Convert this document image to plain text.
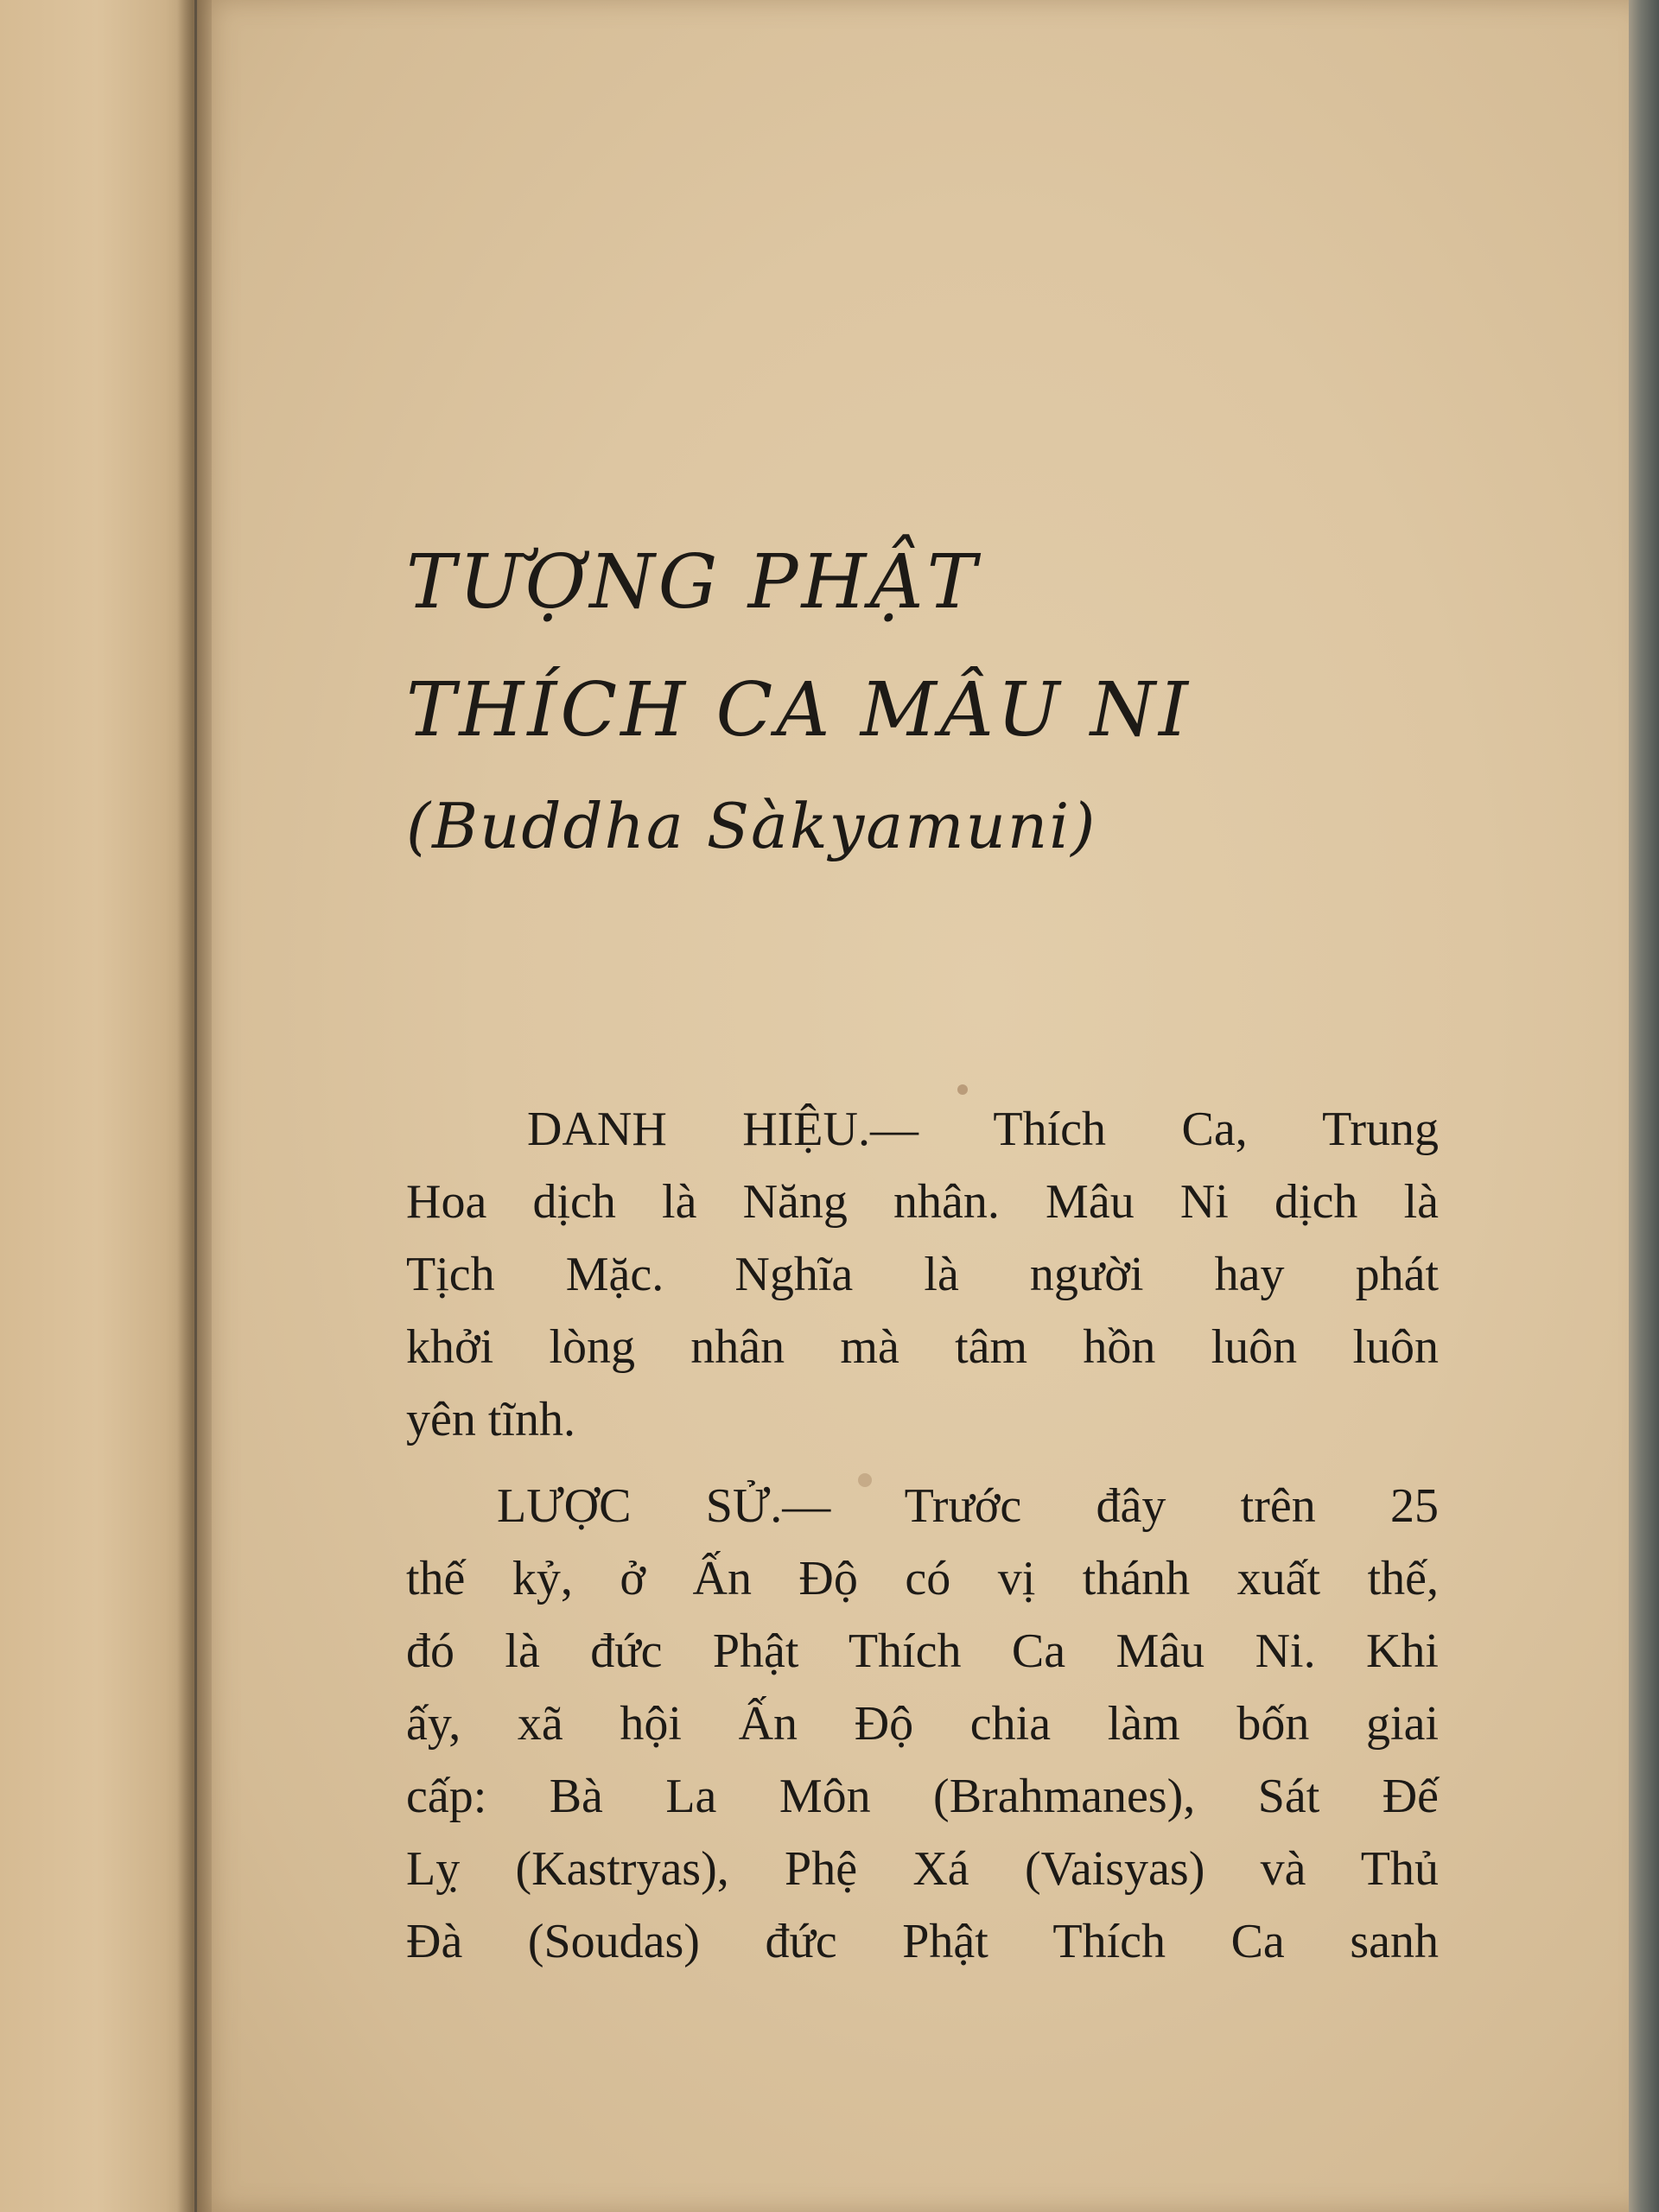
TƯỢNG PHẬT
THÍCH CA MÂU NI

(Buddha Sàkyamuni)

DANH HIỆU.— Thích Ca, Trung
Hoa dịch là Năng nhân. Mâu Ni dịch là
Tịch Mặc. Nghĩa là người hay phát
khởi lòng nhân mà tâm hồn luôn luôn
yên tĩnh.
LƯỢC SỬ.— Trước đây trên 25
thế kỷ, ở Ấn Độ có vị thánh xuất thế,
đó là đức Phật Thích Ca Mâu Ni. Khi
ấy, xã hội Ấn Độ chia làm bốn giai
cấp: Bà La Môn (Brahmanes), Sát Đế
Lỵ (Kastryas), Phệ Xá (Vaisyas) và Thủ
Đà (Soudas) đức Phật Thích Ca sanh
